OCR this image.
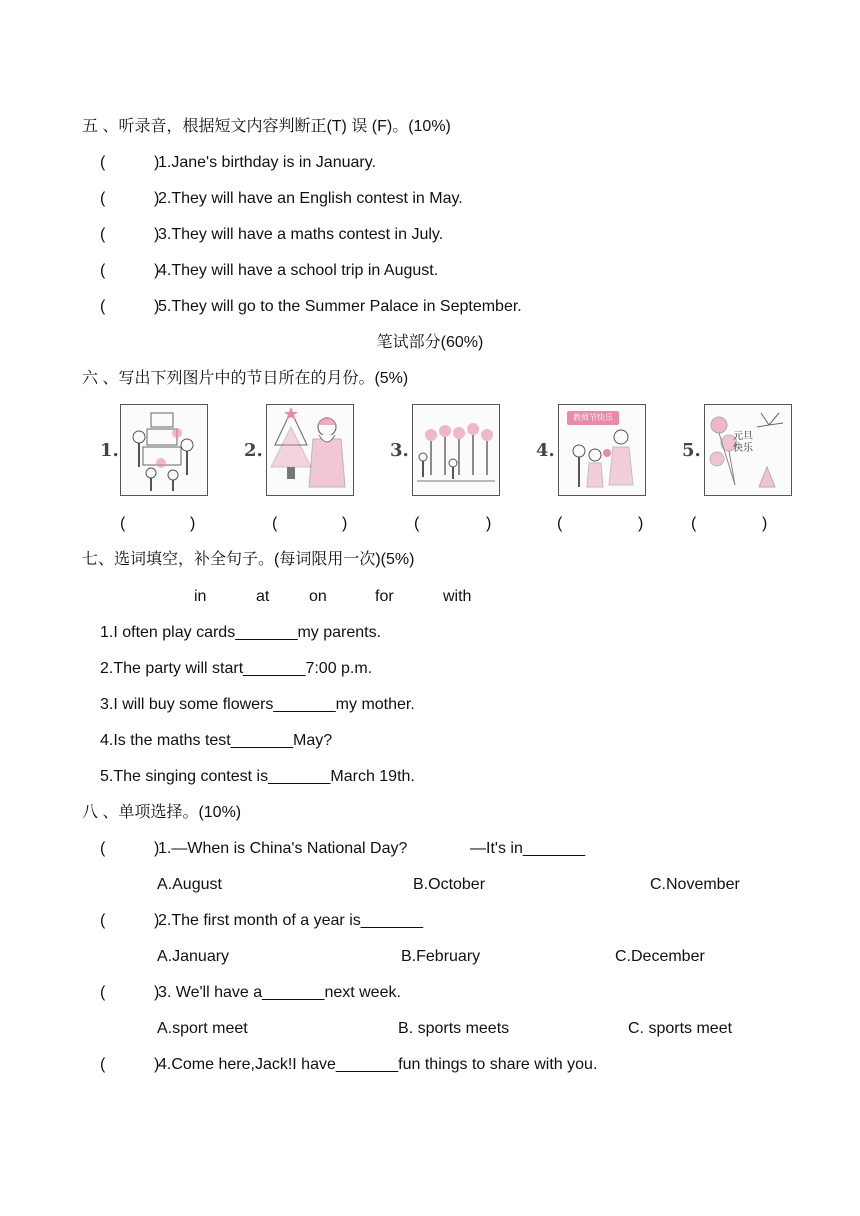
五 、听录音，根据短文内容判断正(T) 误 (F)。(10%)
(	)
1.Jane's birthday is in January.
(	)
2.They will have an English contest in May.
(	)
3.They will have a maths contest in July.
(	)
4.They will have a school trip in August.
(	)
5.They will go to the Summer Palace in September.
笔试部分(60%)
六 、写出下列图片中的节日所在的月份。(5%)
1.	2.	3.	4.
教师节快乐
5.
元旦
快乐
(	)	(	)	(	)	(	)	(	)
七、选词填空，补全句子。(每词限用一次)(5%)
in	at on	for	with
1.I often play cards_______my parents.
2.The party will start_______7:00 p.m.
3.I will buy some flowers_______my mother.
4.Is the maths test_______May?
5.The singing contest is_______March 19th.
八 、单项选择。(10%)
(	)
1.—When is China's National Day?	—It's in_______
A.August	B.October	C.November
(	)
2.The first month of a year is_______
A.January	B.February	C.December
(	)
3. We'll have a_______next week.
A.sport meet	B. sports meets	C. sports meet
(	)
4.Come here,Jack!I have_______fun things to share with you.
